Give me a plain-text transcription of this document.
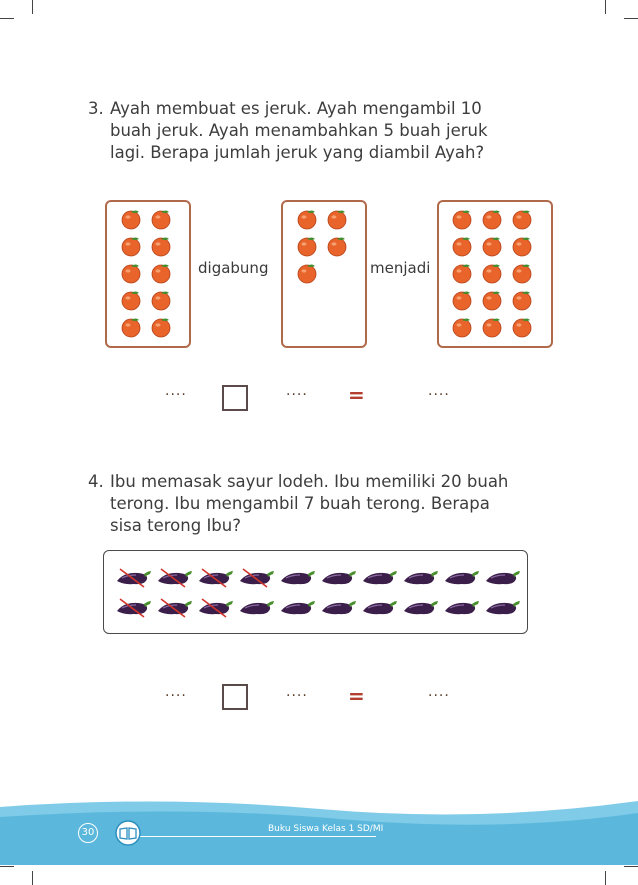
3. Ayah membuat es jeruk. Ayah mengambil 10
buah jeruk. Ayah menambahkan 5 buah jeruk
lagi. Berapa jumlah jeruk yang diambil Ayah?
digabung	menjadi
....	.... =	....
4. Ibu memasak sayur lodeh. Ibu memiliki 20 buah
terong. Ibu mengambil 7 buah terong. Berapa
sisa terong Ibu?
....	.... =	....
30	Buku Siswa Kelas 1 SD/MI
